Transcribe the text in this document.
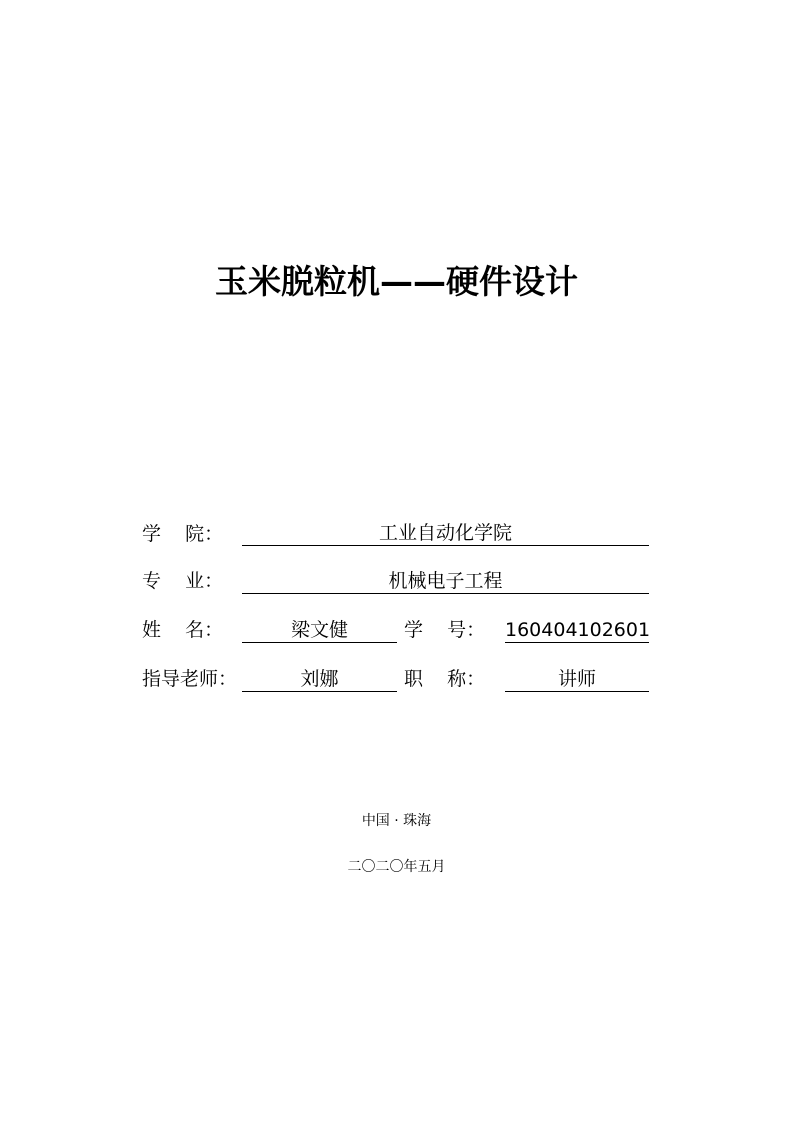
玉米脱粒机——硬件设计
学    院：	工业自动化学院
专    业：	机械电子工程
姓    名：	梁文健	学    号： 160404102601
指导老师：	刘娜	职    称：	讲师
中国 · 珠海
二〇二〇年五月
